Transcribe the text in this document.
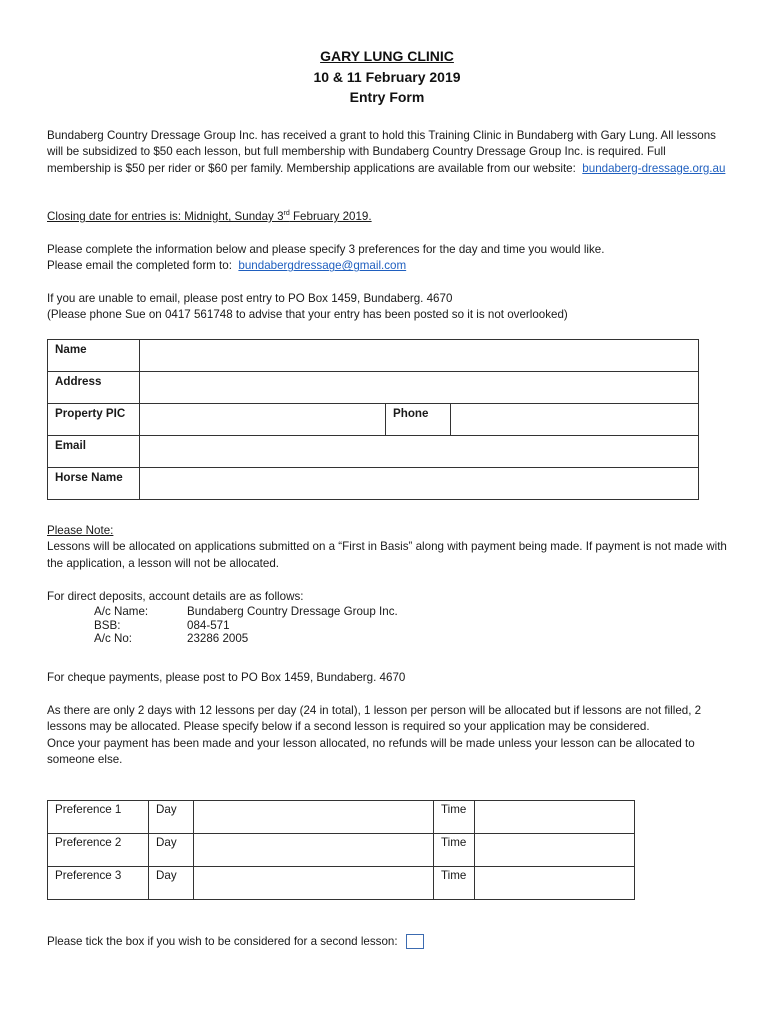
GARY LUNG CLINIC
10 & 11 February 2019
Entry Form

Bundaberg Country Dressage Group Inc. has received a grant to hold this Training Clinic in Bundaberg with Gary Lung. All lessons will be subsidized to $50 each lesson, but full membership with Bundaberg Country Dressage Group Inc. is required. Full membership is $50 per rider or $60 per family. Membership applications are available from our website: bundaberg-dressage.org.au

Closing date for entries is: Midnight, Sunday 3rd February 2019.

Please complete the information below and please specify 3 preferences for the day and time you would like.

Please email the completed form to: bundabergdressage@gmail.com

If you are unable to email, please post entry to PO Box 1459, Bundaberg. 4670

(Please phone Sue on 0417 561748 to advise that your entry has been posted so it is not overlooked)

Name			
Address			
Property PIC		Phone	
Email			
Horse Name			

Please Note:

Lessons will be allocated on applications submitted on a “First in Basis” along with payment being made. If payment is not made with the application, a lesson will not be allocated.

For direct deposits, account details are as follows:

A/c Name:	Bundaberg Country Dressage Group Inc.
BSB:	084-571
A/c No:	23286 2005

For cheque payments, please post to PO Box 1459, Bundaberg. 4670

As there are only 2 days with 12 lessons per day (24 in total), 1 lesson per person will be allocated but if lessons are not filled, 2 lessons may be allocated. Please specify below if a second lesson is required so your application may be considered.

Once your payment has been made and your lesson allocated, no refunds will be made unless your lesson can be allocated to someone else.

Preference 1	Day		Time	
Preference 2	Day		Time	
Preference 3	Day		Time	

Please tick the box if you wish to be considered for a second lesson:
